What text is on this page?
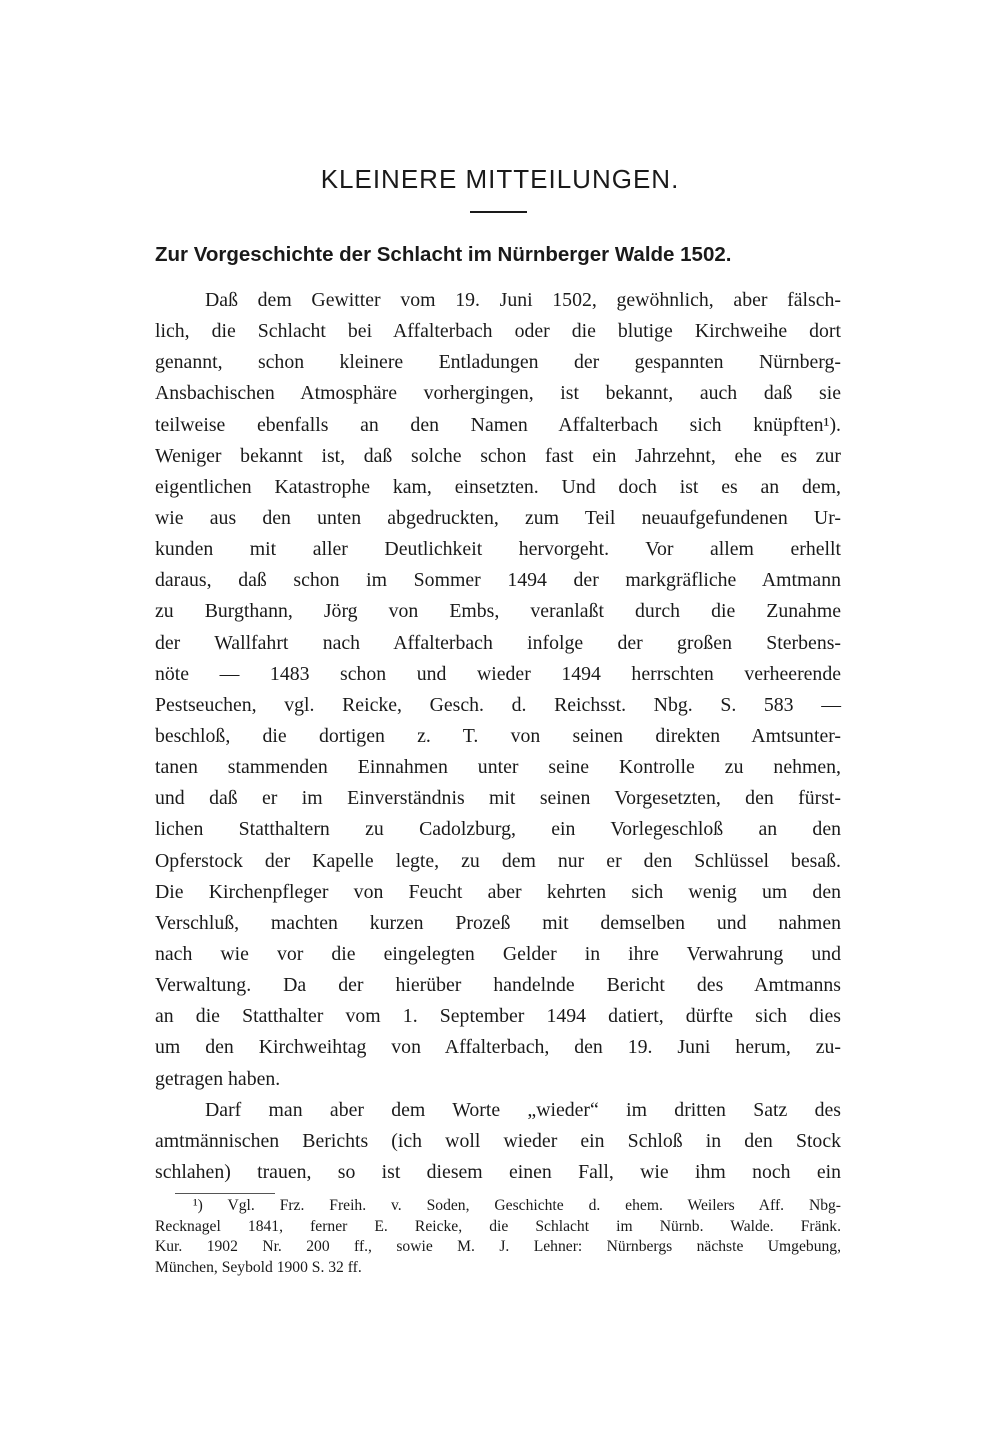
KLEINERE MITTEILUNGEN.
Zur Vorgeschichte der Schlacht im Nürnberger Walde 1502.
Daß dem Gewitter vom 19. Juni 1502, gewöhnlich, aber fälsch-
lich, die Schlacht bei Affalterbach oder die blutige Kirchweihe dort
genannt, schon kleinere Entladungen der gespannten Nürnberg-
Ansbachischen Atmosphäre vorhergingen, ist bekannt, auch daß sie
teilweise ebenfalls an den Namen Affalterbach sich knüpften¹).
Weniger bekannt ist, daß solche schon fast ein Jahrzehnt, ehe es zur
eigentlichen Katastrophe kam, einsetzten. Und doch ist es an dem,
wie aus den unten abgedruckten, zum Teil neuaufgefundenen Ur-
kunden mit aller Deutlichkeit hervorgeht. Vor allem erhellt
daraus, daß schon im Sommer 1494 der markgräfliche Amtmann
zu Burgthann, Jörg von Embs, veranlaßt durch die Zunahme
der Wallfahrt nach Affalterbach infolge der großen Sterbens-
nöte — 1483 schon und wieder 1494 herrschten verheerende
Pestseuchen, vgl. Reicke, Gesch. d. Reichsst. Nbg. S. 583 —
beschloß, die dortigen z. T. von seinen direkten Amtsunter-
tanen stammenden Einnahmen unter seine Kontrolle zu nehmen,
und daß er im Einverständnis mit seinen Vorgesetzten, den fürst-
lichen Statthaltern zu Cadolzburg, ein Vorlegeschloß an den
Opferstock der Kapelle legte, zu dem nur er den Schlüssel besaß.
Die Kirchenpfleger von Feucht aber kehrten sich wenig um den
Verschluß, machten kurzen Prozeß mit demselben und nahmen
nach wie vor die eingelegten Gelder in ihre Verwahrung und
Verwaltung. Da der hierüber handelnde Bericht des Amtmanns
an die Statthalter vom 1. September 1494 datiert, dürfte sich dies
um den Kirchweihtag von Affalterbach, den 19. Juni herum, zu-
getragen haben.
Darf man aber dem Worte „wieder“ im dritten Satz des
amtmännischen Berichts (ich woll wieder ein Schloß in den Stock
schlahen) trauen, so ist diesem einen Fall, wie ihm noch ein
¹) Vgl. Frz. Freih. v. Soden, Geschichte d. ehem. Weilers Aff. Nbg-
Recknagel 1841, ferner E. Reicke, die Schlacht im Nürnb. Walde. Fränk.
Kur. 1902 Nr. 200 ff., sowie M. J. Lehner: Nürnbergs nächste Umgebung,
München, Seybold 1900 S. 32 ff.
